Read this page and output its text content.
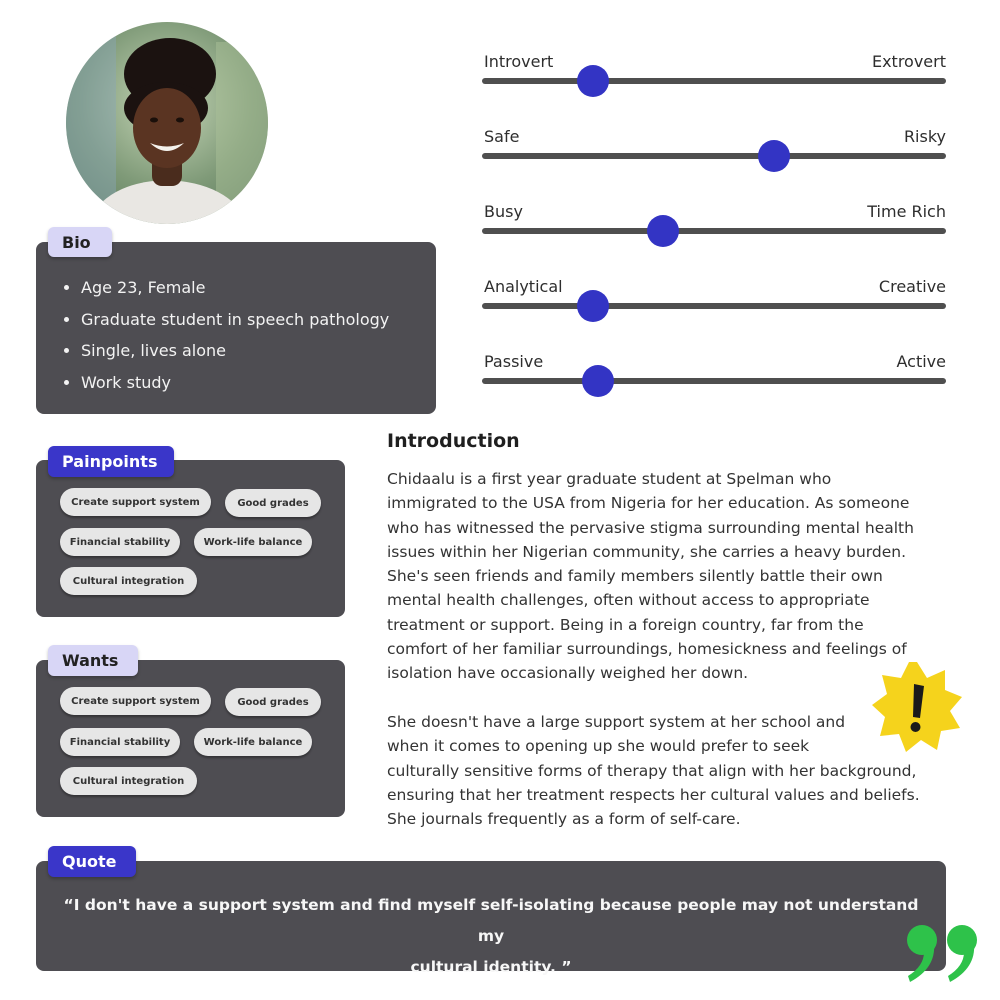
Bio
Age 23, Female
Graduate student in speech pathology
Single, lives alone
Work study
Painpoints
Create support system	Good grades
Financial stability	Work-life balance
Cultural integration
Wants
Create support system	Good grades
Financial stability	Work-life balance
Cultural integration
Introvert	Extrovert
Safe	Risky
Busy	Time Rich
Analytical	Creative
Passive	Active
Introduction
Chidaalu is a first year graduate student at Spelman who
immigrated to the USA from Nigeria for her education. As someone
who has witnessed the pervasive stigma surrounding mental health
issues within her Nigerian community, she carries a heavy burden.
She's seen friends and family members silently battle their own
mental health challenges, often without access to appropriate
treatment or support. Being in a foreign country, far from the
comfort of her familiar surroundings, homesickness and feelings of
isolation have occasionally weighed her down.
She doesn't have a large support system at her school and
when it comes to opening up she would prefer to seek
culturally sensitive forms of therapy that align with her background,
ensuring that her treatment respects her cultural values and beliefs.
She journals frequently as a form of self-care.
Quote
“I don't have a support system and find myself self-isolating because people may not understand my
cultural identity. ”
